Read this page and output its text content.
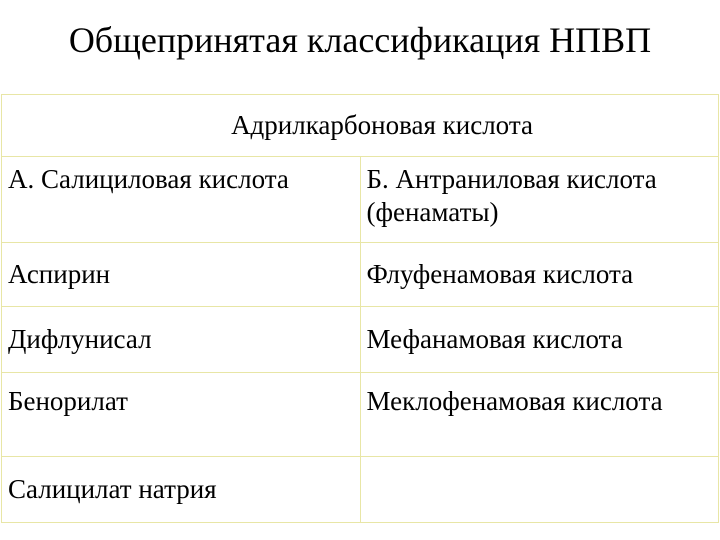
Общепринятая классификация НПВП
Адрилкарбоновая кислота	
А. Салициловая кислота	Б. Антраниловая кислота (фенаматы)
Аспирин	Флуфенамовая кислота
Дифлунисал	Мефанамовая кислота
Бенорилат	Меклофенамовая кислота
Салицилат натрия	
